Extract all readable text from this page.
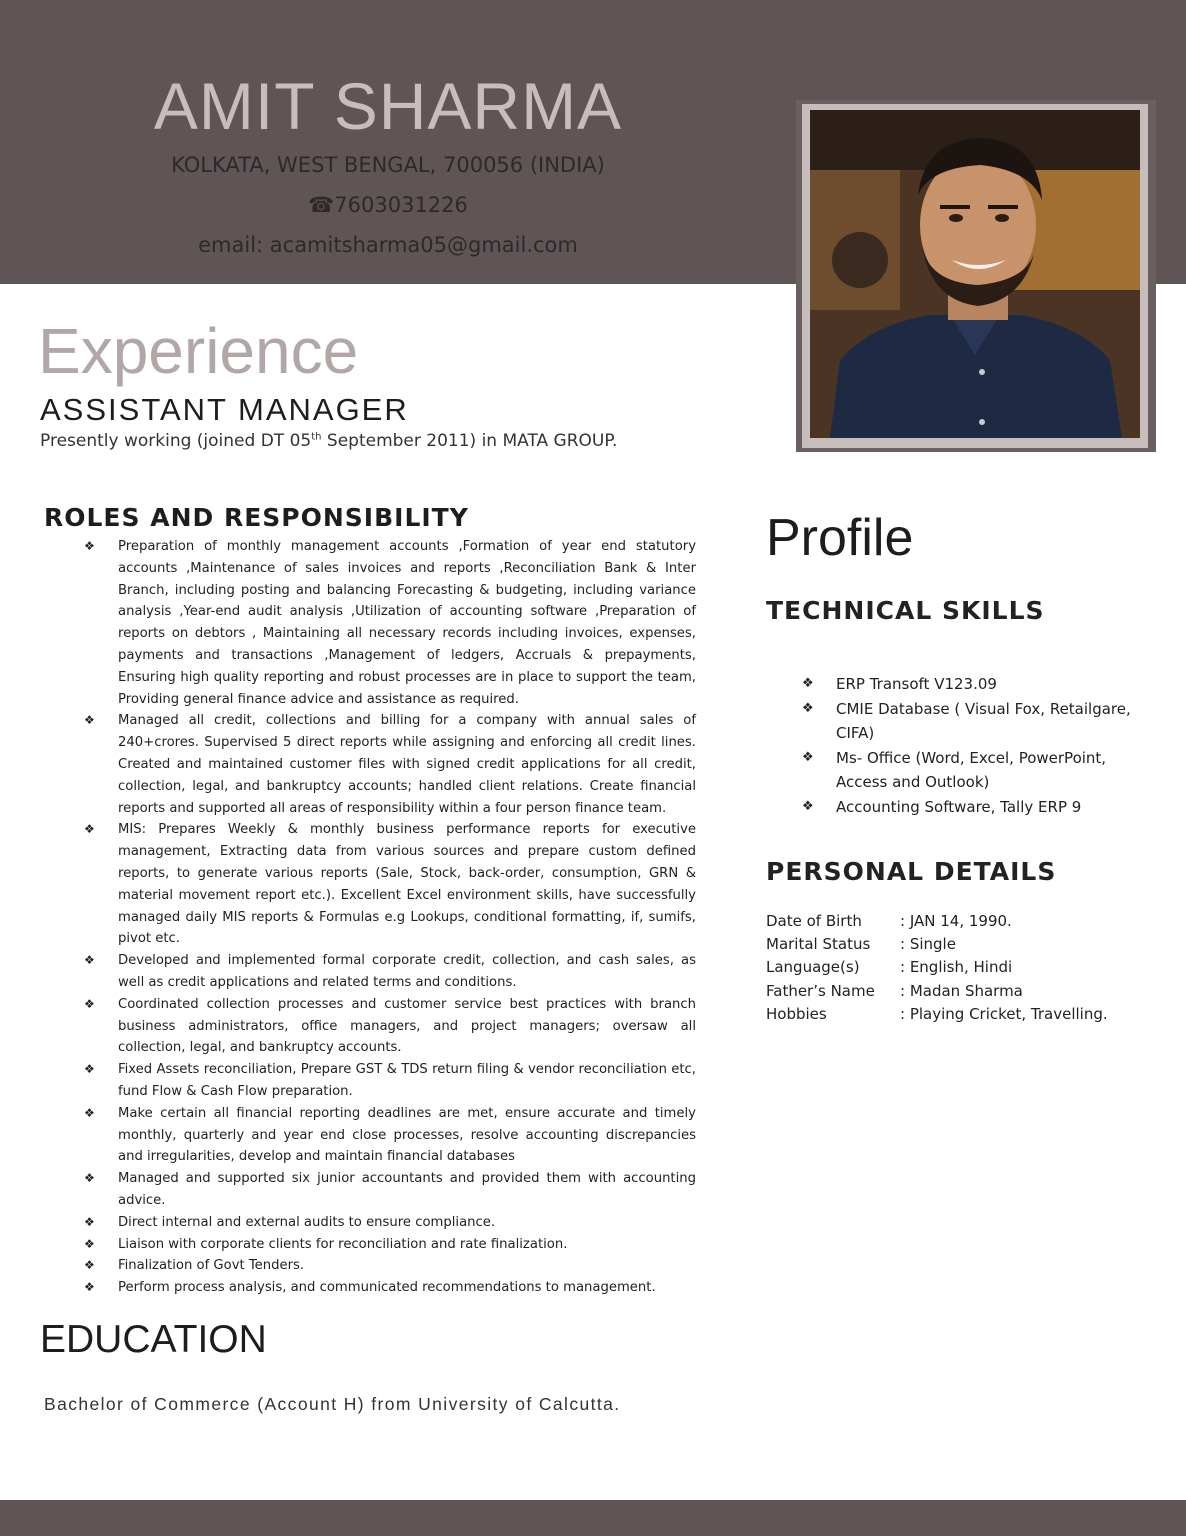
AMIT SHARMA
KOLKATA, WEST BENGAL, 700056 (INDIA)
☎7603031226
email: acamitsharma05@gmail.com
Experience
ASSISTANT MANAGER
Presently working (joined DT 05th September 2011) in MATA GROUP.
ROLES AND RESPONSIBILITY
❖ Preparation of monthly management accounts ,Formation of year end statutory accounts ,Maintenance of sales invoices and reports ,Reconciliation Bank & Inter Branch, including posting and balancing Forecasting & budgeting, including variance analysis ,Year-end audit analysis ,Utilization of accounting software ,Preparation of reports on debtors , Maintaining all necessary records including invoices, expenses, payments and transactions ,Management of ledgers, Accruals & prepayments, Ensuring high quality reporting and robust processes are in place to support the team, Providing general finance advice and assistance as required.
❖ Managed all credit, collections and billing for a company with annual sales of 240+crores. Supervised 5 direct reports while assigning and enforcing all credit lines. Created and maintained customer files with signed credit applications for all credit, collection, legal, and bankruptcy accounts; handled client relations. Create financial reports and supported all areas of responsibility within a four person finance team.
❖ MIS: Prepares Weekly & monthly business performance reports for executive management, Extracting data from various sources and prepare custom defined reports, to generate various reports (Sale, Stock, back-order, consumption, GRN & material movement report etc.). Excellent Excel environment skills, have successfully managed daily MIS reports & Formulas e.g Lookups, conditional formatting, if, sumifs, pivot etc.
❖ Developed and implemented formal corporate credit, collection, and cash sales, as well as credit applications and related terms and conditions.
❖ Coordinated collection processes and customer service best practices with branch business administrators, office managers, and project managers; oversaw all collection, legal, and bankruptcy accounts.
❖ Fixed Assets reconciliation, Prepare GST & TDS return filing & vendor reconciliation etc, fund Flow & Cash Flow preparation.
❖ Make certain all financial reporting deadlines are met, ensure accurate and timely monthly, quarterly and year end close processes, resolve accounting discrepancies and irregularities, develop and maintain financial databases
❖ Managed and supported six junior accountants and provided them with accounting advice.
❖ Direct internal and external audits to ensure compliance.
❖ Liaison with corporate clients for reconciliation and rate finalization.
❖ Finalization of Govt Tenders.
❖ Perform process analysis, and communicated recommendations to management.
Profile
TECHNICAL SKILLS
❖ ERP Transoft V123.09
❖ CMIE Database ( Visual Fox, Retailgare, CIFA)
❖ Ms- Office (Word, Excel, PowerPoint, Access and Outlook)
❖ Accounting Software, Tally ERP 9
PERSONAL DETAILS
Date of Birth	: JAN 14, 1990.
Marital Status : Single
Language(s)	: English, Hindi
Father’s Name : Madan Sharma
Hobbies	: Playing Cricket, Travelling.
EDUCATION
Bachelor of Commerce (Account H) from University of Calcutta.
